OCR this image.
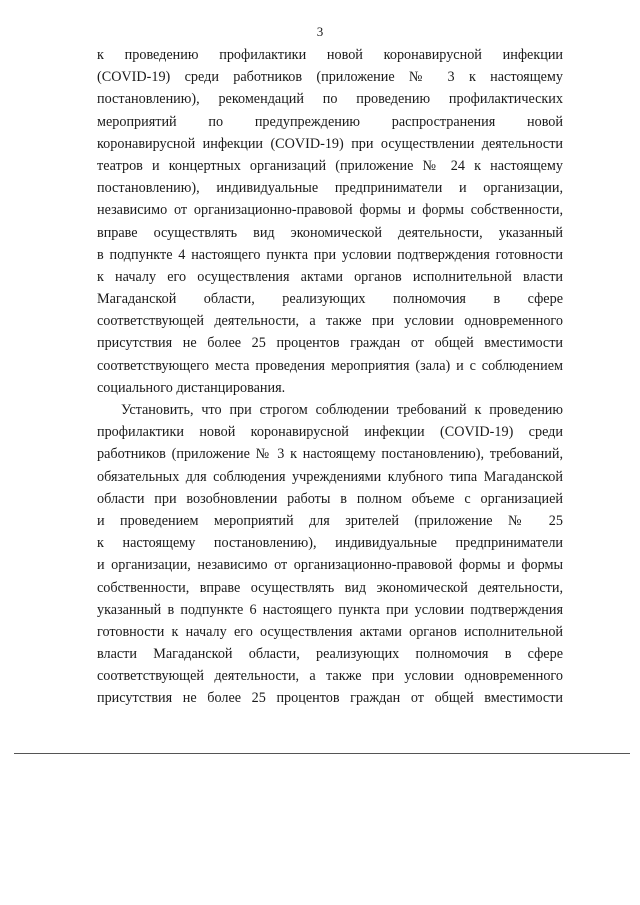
3
к проведению профилактики новой коронавирусной инфекции
(COVID-19) среди работников (приложение № 3 к настоящему
постановлению), рекомендаций по проведению профилактических
мероприятий по предупреждению распространения новой
коронавирусной инфекции (COVID-19) при осуществлении деятельности
театров и концертных организаций (приложение № 24 к настоящему
постановлению), индивидуальные предприниматели и организации,
независимо от организационно-правовой формы и формы собственности,
вправе осуществлять вид экономической деятельности, указанный
в подпункте 4 настоящего пункта при условии подтверждения готовности
к началу его осуществления актами органов исполнительной власти
Магаданской области, реализующих полномочия в сфере
соответствующей деятельности, а также при условии одновременного
присутствия не более 25 процентов граждан от общей вместимости
соответствующего места проведения мероприятия (зала) и с соблюдением
социального дистанцирования.
Установить, что при строгом соблюдении требований к проведению
профилактики новой коронавирусной инфекции (COVID-19) среди
работников (приложение № 3 к настоящему постановлению), требований,
обязательных для соблюдения учреждениями клубного типа Магаданской
области при возобновлении работы в полном объеме с организацией
и проведением мероприятий для зрителей (приложение № 25
к настоящему постановлению), индивидуальные предприниматели
и организации, независимо от организационно-правовой формы и формы
собственности, вправе осуществлять вид экономической деятельности,
указанный в подпункте 6 настоящего пункта при условии подтверждения
готовности к началу его осуществления актами органов исполнительной
власти Магаданской области, реализующих полномочия в сфере
соответствующей деятельности, а также при условии одновременного
присутствия не более 25 процентов граждан от общей вместимости
